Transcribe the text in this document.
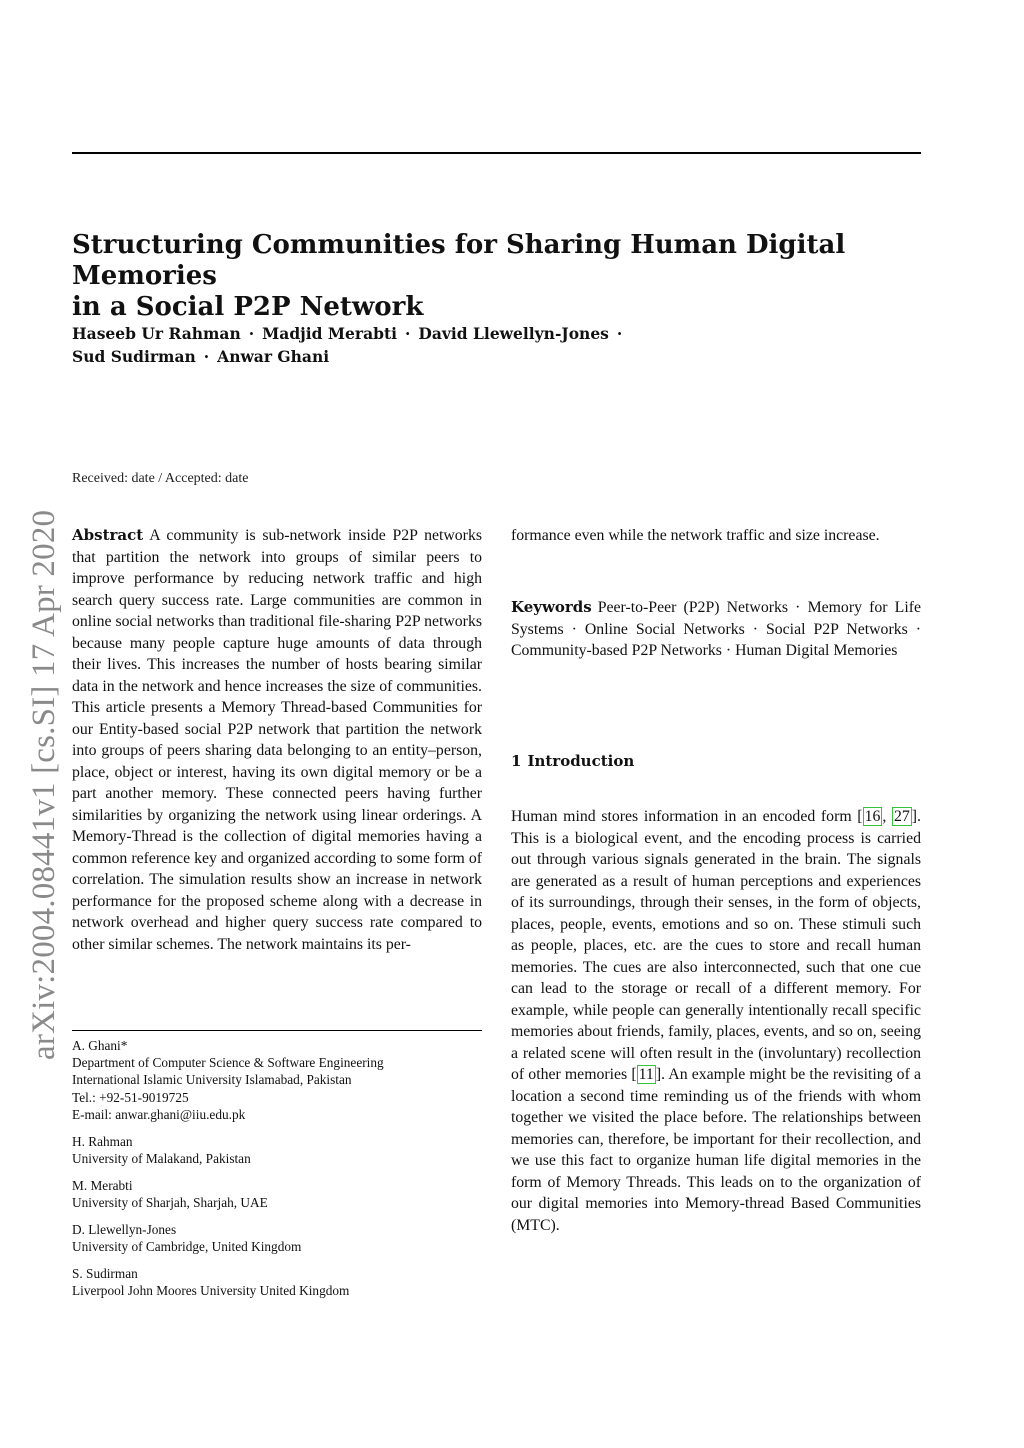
arXiv:2004.08441v1 [cs.SI] 17 Apr 2020
Structuring Communities for Sharing Human Digital Memories
in a Social P2P Network
Haseeb Ur Rahman · Madjid Merabti · David Llewellyn-Jones ·
Sud Sudirman · Anwar Ghani
Received: date / Accepted: date

Abstract A community is sub-network inside P2P networks that partition the network into groups of similar peers to improve performance by reducing network traffic and high search query success rate. Large communities are common in online social networks than traditional file-sharing P2P networks because many people capture huge amounts of data through their lives. This increases the number of hosts bearing similar data in the network and hence increases the size of communities. This article presents a Memory Thread-based Communities for our Entity-based social P2P network that partition the network into groups of peers sharing data belonging to an entity–person, place, object or interest, having its own digital memory or be a part another memory. These connected peers having further similarities by organizing the network using linear orderings. A Memory-Thread is the collection of digital memories having a common reference key and organized according to some form of correlation. The simulation results show an increase in network performance for the proposed scheme along with a decrease in network overhead and higher query success rate compared to other similar schemes. The network maintains its per-

A. Ghani*
Department of Computer Science & Software Engineering
International Islamic University Islamabad, Pakistan
Tel.: +92-51-9019725
E-mail: anwar.ghani@iiu.edu.pk
H. Rahman
University of Malakand, Pakistan
M. Merabti
University of Sharjah, Sharjah, UAE
D. Llewellyn-Jones
University of Cambridge, United Kingdom
S. Sudirman
Liverpool John Moores University United Kingdom

formance even while the network traffic and size increase.

Keywords Peer-to-Peer (P2P) Networks · Memory for Life Systems · Online Social Networks · Social P2P Networks · Community-based P2P Networks · Human Digital Memories
1 Introduction
Human mind stores information in an encoded form [ 16 , 27 ]. This is a biological event, and the encoding process is carried out through various signals generated in the brain. The signals are generated as a result of human perceptions and experiences of its surroundings, through their senses, in the form of objects, places, people, events, emotions and so on. These stimuli such as people, places, etc. are the cues to store and recall human memories. The cues are also interconnected, such that one cue can lead to the storage or recall of a different memory. For example, while people can generally intentionally recall specific memories about friends, family, places, events, and so on, seeing a related scene will often result in the (involuntary) recollection of other memories [ 11 ]. An example might be the revisiting of a location a second time reminding us of the friends with whom together we visited the place before. The relationships between memories can, therefore, be important for their recollection, and we use this fact to organize human life digital memories in the form of Memory Threads. This leads on to the organization of our digital memories into Memory-thread Based Communities (MTC).
